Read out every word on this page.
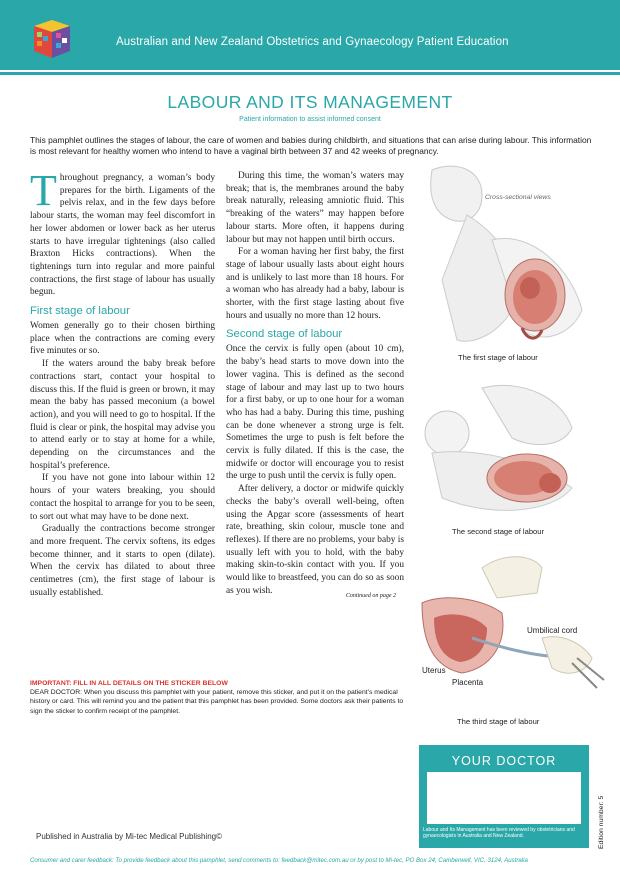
Australian and New Zealand Obstetrics and Gynaecology Patient Education
LABOUR AND ITS MANAGEMENT
Patient information to assist informed consent
This pamphlet outlines the stages of labour, the care of women and babies during childbirth, and situations that can arise during labour. This information is most relevant for healthy women who intend to have a vaginal birth between 37 and 42 weeks of pregnancy.

Throughout pregnancy, a woman’s body prepares for the birth. Ligaments of the pelvis relax, and in the few days before labour starts, the woman may feel discomfort in her lower abdomen or lower back as her uterus starts to have irregular tightenings (also called Braxton Hicks contractions). When the tightenings turn into regular and more painful contractions, the first stage of labour has usually begun.

First stage of labour

Women generally go to their chosen birthing place when the contractions are coming every five minutes or so.

If the waters around the baby break before contractions start, contact your hospital to discuss this. If the fluid is green or brown, it may mean the baby has passed meconium (a bowel action), and you will need to go to hospital. If the fluid is clear or pink, the hospital may advise you to attend early or to stay at home for a while, depending on the circumstances and the hospital’s preference.

If you have not gone into labour within 12 hours of your waters breaking, you should contact the hospital to arrange for you to be seen, to sort out what may have to be done next.

Gradually the contractions become stronger and more frequent. The cervix softens, its edges become thinner, and it starts to open (dilate). When the cervix has dilated to about three centimetres (cm), the first stage of labour is usually established.

During this time, the woman’s waters may break; that is, the membranes around the baby break naturally, releasing amniotic fluid. This “breaking of the waters” may happen before labour starts. More often, it happens during labour but may not happen until birth occurs.

For a woman having her first baby, the first stage of labour usually lasts about eight hours and is unlikely to last more than 18 hours. For a woman who has already had a baby, labour is shorter, with the first stage lasting about five hours and usually no more than 12 hours.

Second stage of labour

Once the cervix is fully open (about 10 cm), the baby’s head starts to move down into the lower vagina. This is defined as the second stage of labour and may last up to two hours for a first baby, or up to one hour for a woman who has had a baby. During this time, pushing can be done whenever a strong urge is felt. Sometimes the urge to push is felt before the cervix is fully dilated. If this is the case, the midwife or doctor will encourage you to resist the urge to push until the cervix is fully open.

After delivery, a doctor or midwife quickly checks the baby’s overall well-being, often using the Apgar score (assessments of heart rate, breathing, skin colour, muscle tone and reflexes). If there are no problems, your baby is usually left with you to hold, with the baby making skin-to-skin contact with you. If you would like to breastfeed, you can do so as soon as you wish.	Continued on page 2
Cross-sectional views
The first stage of labour
The second stage of labour
Umbilical cord
Uterus
Placenta
The third stage of labour
IMPORTANT: FILL IN ALL DETAILS ON THE STICKER BELOW
DEAR DOCTOR: When you discuss this pamphlet with your patient, remove this sticker, and put it on the patient’s medical history or card. This will remind you and the patient that this pamphlet has been provided. Some doctors ask their patients to sign the sticker to confirm receipt of the pamphlet.
YOUR DOCTOR
Labour and Its Management has been reviewed by obstetricians and gynaecologists in Australia and New Zealand.	Edition number: 5
Published in Australia by Mi-tec Medical Publishing©
Consumer and carer feedback: To provide feedback about this pamphlet, send comments to: feedback@mitec.com.au or by post to Mi-tec, PO Box 24, Camberwell, VIC, 3124, Australia
